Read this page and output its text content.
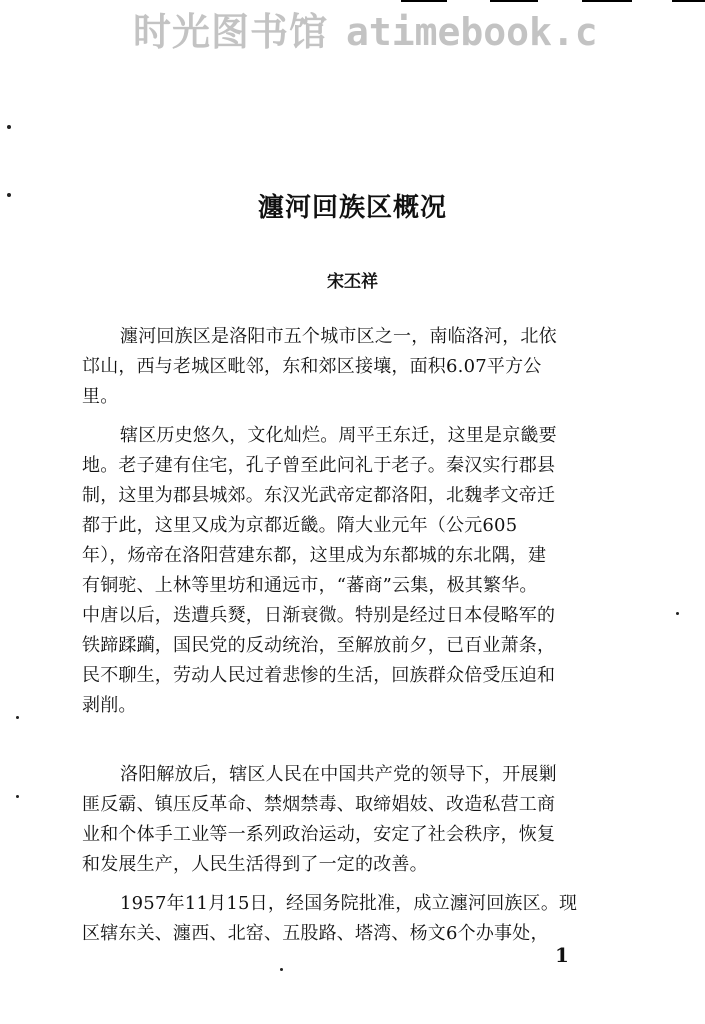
时光图书馆 atimebook.c
瀍河回族区概况
宋丕祥
瀍河回族区是洛阳市五个城市区之一，南临洛河，北依
邙山，西与老城区毗邻，东和郊区接壤，面积6.07平方公
里。
辖区历史悠久，文化灿烂。周平王东迁，这里是京畿要
地。老子建有住宅，孔子曾至此问礼于老子。秦汉实行郡县
制，这里为郡县城郊。东汉光武帝定都洛阳，北魏孝文帝迁
都于此，这里又成为京都近畿。隋大业元年（公元605
年），炀帝在洛阳营建东都，这里成为东都城的东北隅，建
有铜驼、上林等里坊和通远市，“蕃商”云集，极其繁华。
中唐以后，迭遭兵燹，日渐衰微。特别是经过日本侵略军的
铁蹄蹂躏，国民党的反动统治，至解放前夕，已百业萧条，
民不聊生，劳动人民过着悲惨的生活，回族群众倍受压迫和
剥削。
洛阳解放后，辖区人民在中国共产党的领导下，开展剿
匪反霸、镇压反革命、禁烟禁毒、取缔娼妓、改造私营工商
业和个体手工业等一系列政治运动，安定了社会秩序，恢复
和发展生产，人民生活得到了一定的改善。
1957年11月15日，经国务院批准，成立瀍河回族区。现
区辖东关、瀍西、北窑、五股路、塔湾、杨文6个办事处，
1
